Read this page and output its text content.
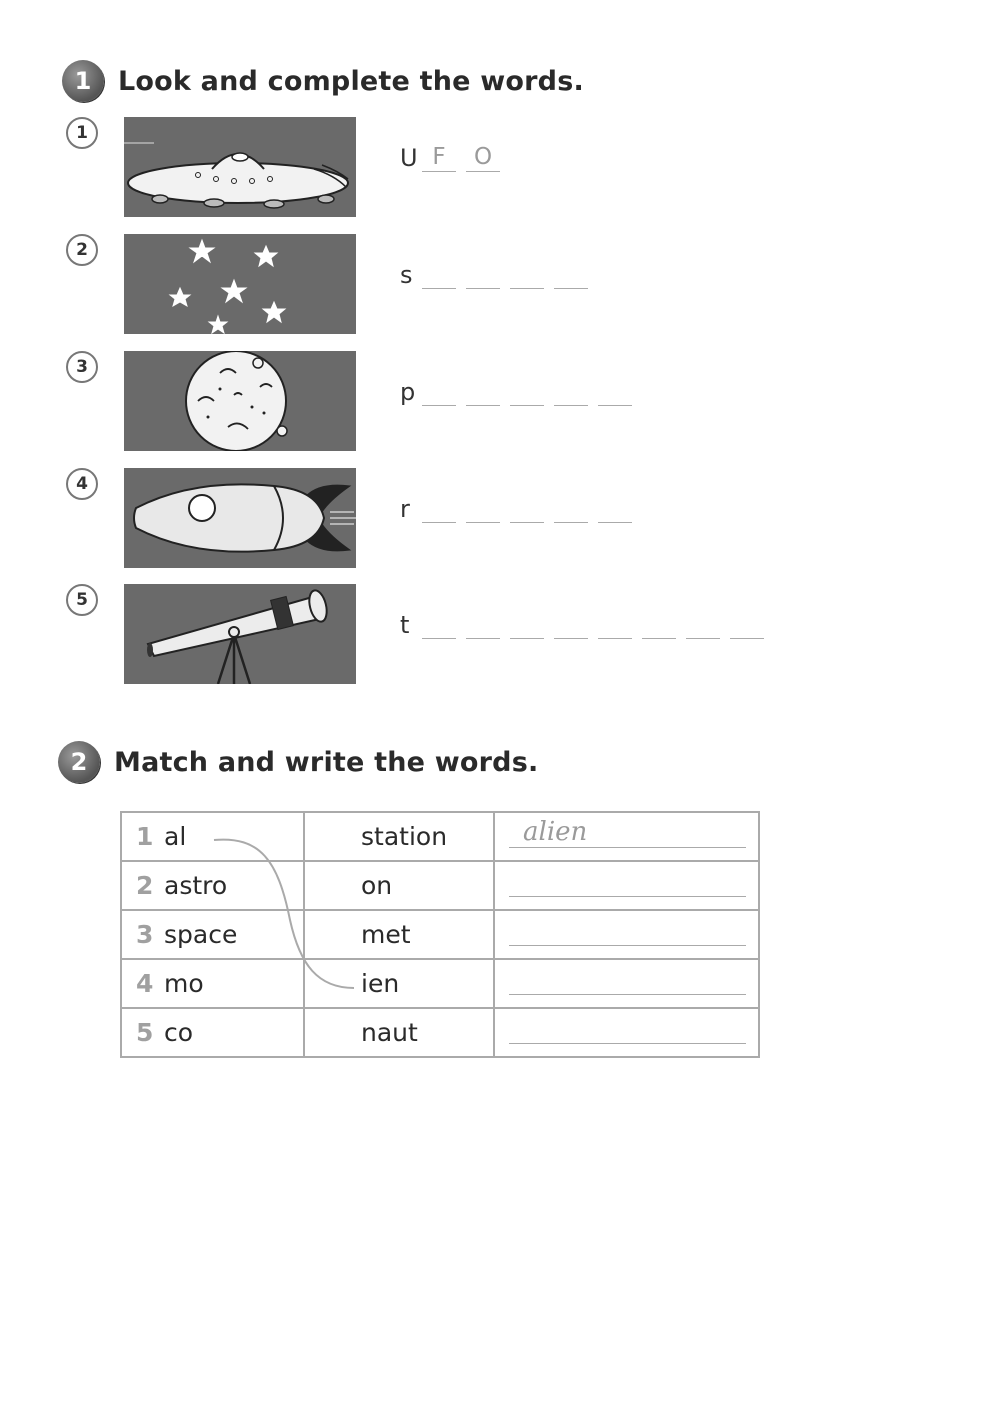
1 Look and complete the words.
1
U F	O
2
s
3
p
4
r
5
t
2 Match and write the words.
1 al	station	alien

2 astro	on	

3 space	met	

4 mo	ien	

5 co	naut	
